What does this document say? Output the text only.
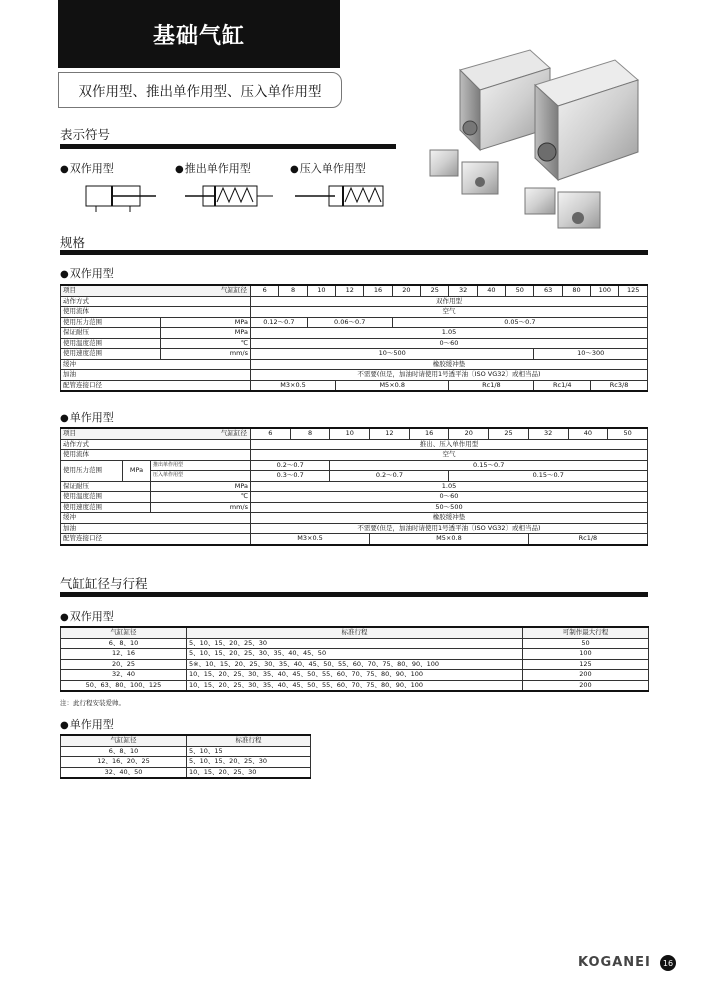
基础气缸
双作用型、推出单作用型、压入单作用型
表示符号
● 双作用型	● 推出单作用型	● 压入单作用型
规格
● 双作用型
项目 气缸缸径		6	8	10	12	16	20	25	32	40	50	63	80	100	125
动作方式		双作用型													
使用流体		空气													
使用压力范围	MPa	0.12～0.7		0.06～0.7			0.05～0.7								
保证耐压	MPa	1.05													
使用温度范围	℃	0～60													
使用速度范围	mm/s	10～500										10～300			
缓冲		橡胶缓冲垫													
加油		不需要(但是，加油时请使用1号透平油〔ISO VG32〕或相当品)													
配管连接口径		M3×0.5			M5×0.8				Rc1/8			Rc1/4		Rc3/8	
● 单作用型
项目 气缸缸径			6	8	10	12	16	20	25	32	40	50
动作方式			推出、压入单作用型									
使用流体			空气									
使用压力范围	MPa	推出单作用型	0.2～0.7		0.15～0.7							
		压入单作用型	0.3～0.7		0.2～0.7			0.15～0.7				
保证耐压		MPa	1.05									
使用温度范围		℃	0～60									
使用速度范围		mm/s	50～500									
缓冲			橡胶缓冲垫									
加油			不需要(但是，加油时请使用1号透平油〔ISO VG32〕或相当品)									
配管连接口径			M3×0.5			M5×0.8				Rc1/8		
气缸缸径与行程
● 双作用型
气缸缸径	标准行程	可制作最大行程
6、8、10	5、10、15、20、25、30	50
12、16	5、10、15、20、25、30、35、40、45、50	100
20、25	5※、10、15、20、25、30、35、40、45、50、55、60、70、75、80、90、100	125
32、40	10、15、20、25、30、35、40、45、50、55、60、70、75、80、90、100	200
50、63、80、100、125	10、15、20、25、30、35、40、45、50、55、60、70、75、80、90、100	200
注：此行程安装爱帅。
● 单作用型
气缸缸径	标准行程
6、8、10	5、10、15
12、16、20、25	5、10、15、20、25、30
32、40、50	10、15、20、25、30
KOGANEI	16
